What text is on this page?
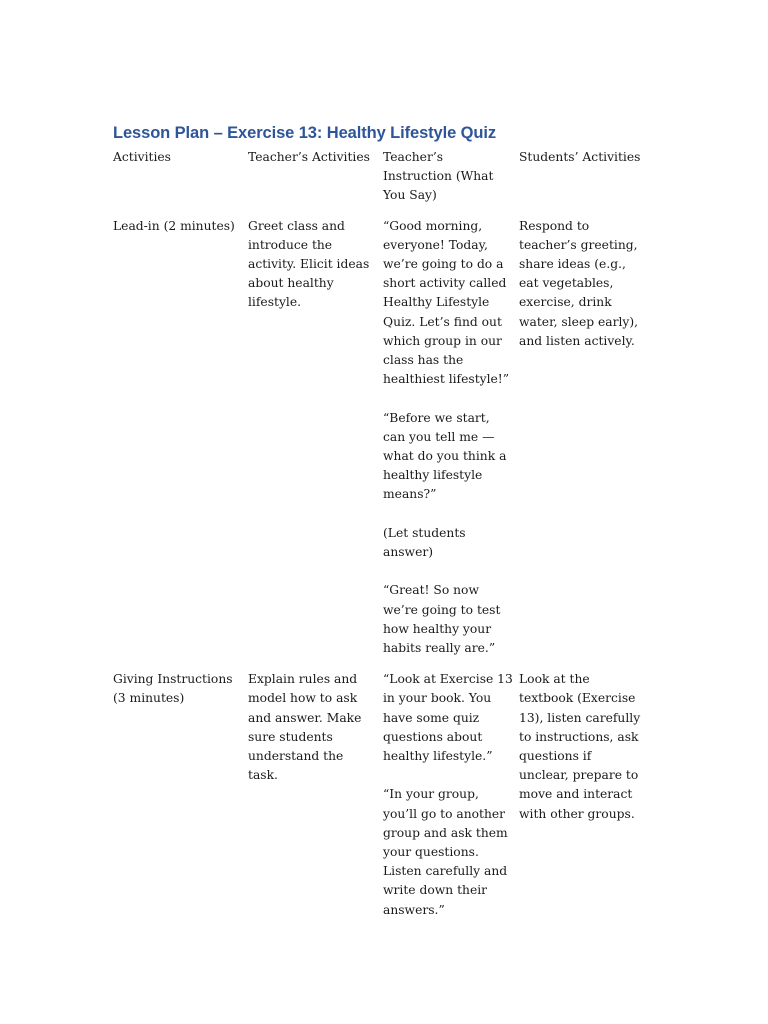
Lesson Plan – Exercise 13: Healthy Lifestyle Quiz
Activities	Teacher’s Activities	Teacher’s Instruction (What You Say)	Students’ Activities
Lead-in (2 minutes)	Greet class and introduce the activity. Elicit ideas about healthy lifestyle.	“Good morning, everyone! Today, we’re going to do a short activity called Healthy Lifestyle Quiz. Let’s find out which group in our class has the healthiest lifestyle!”
“Before we start, can you tell me — what do you think a healthy lifestyle means?”
(Let students answer)
“Great! So now we’re going to test how healthy your habits really are.”	Respond to teacher’s greeting, share ideas (e.g., eat vegetables, exercise, drink water, sleep early), and listen actively.
Giving Instructions (3 minutes)	Explain rules and model how to ask and answer. Make sure students understand the task.	“Look at Exercise 13 in your book. You have some quiz questions about healthy lifestyle.”
“In your group, you’ll go to another group and ask them your questions. Listen carefully and write down their answers.”	Look at the textbook (Exercise 13), listen carefully to instructions, ask questions if unclear, prepare to move and interact with other groups.
